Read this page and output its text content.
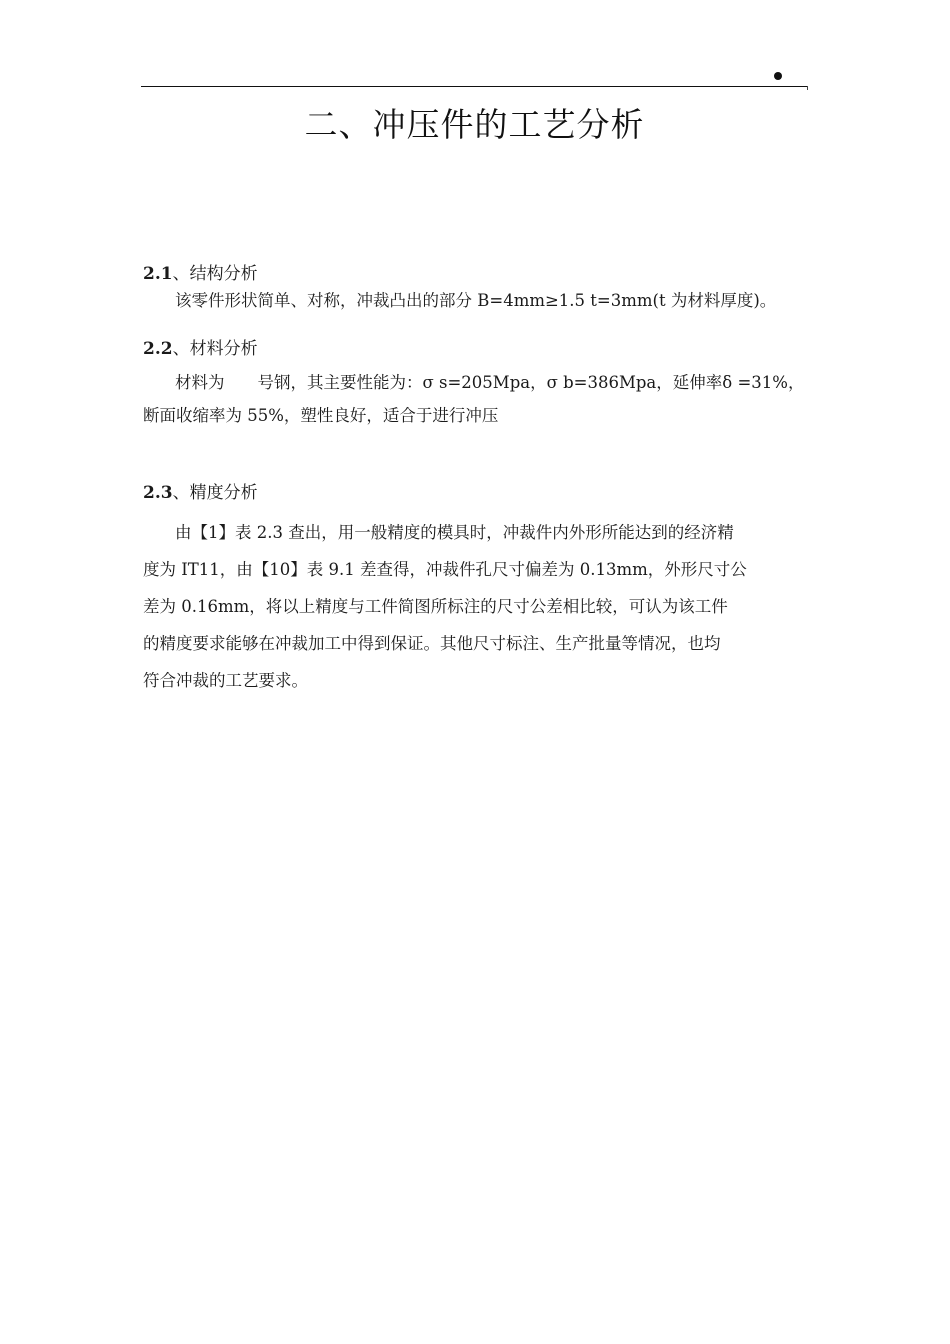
二、冲压件的工艺分析
2.1、结构分析
该零件形状简单、对称，冲裁凸出的部分 B=4mm≥1.5 t=3mm(t 为材料厚度)。
2.2、材料分析
材料为　　号钢，其主要性能为：σ s=205Mpa，σ b=386Mpa，延伸率δ =31%，
断面收缩率为 55%，塑性良好，适合于进行冲压
2.3、精度分析
由【1】表 2.3 查出，用一般精度的模具时，冲裁件内外形所能达到的经济精
度为 IT11，由【10】表 9.1 差查得，冲裁件孔尺寸偏差为 0.13mm，外形尺寸公
差为 0.16mm，将以上精度与工件简图所标注的尺寸公差相比较，可认为该工件
的精度要求能够在冲裁加工中得到保证。其他尺寸标注、生产批量等情况，也均
符合冲裁的工艺要求。
